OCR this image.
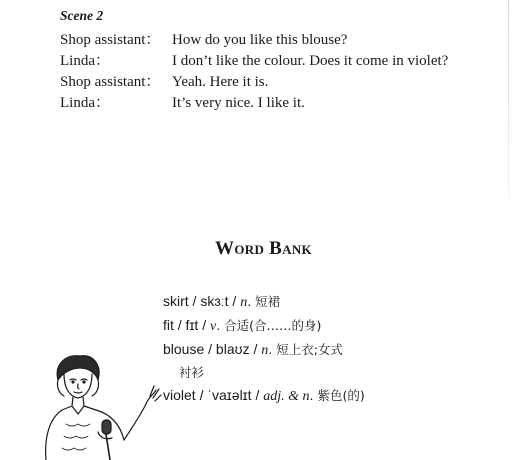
Scene 2
Shop assistant： How do you like this blouse?
Linda：	I don’t like the colour. Does it come in violet?
Shop assistant： Yeah. Here it is.
Linda：	It’s very nice. I like it.
Word Bank
skirt / skɜːt / n. 短裙
fit / fɪt / v. 合适(合……的身)
blouse / blaʊz / n. 短上衣;女式
衬衫
violet / ˈvaɪəlɪt / adj. & n. 紫色(的)
